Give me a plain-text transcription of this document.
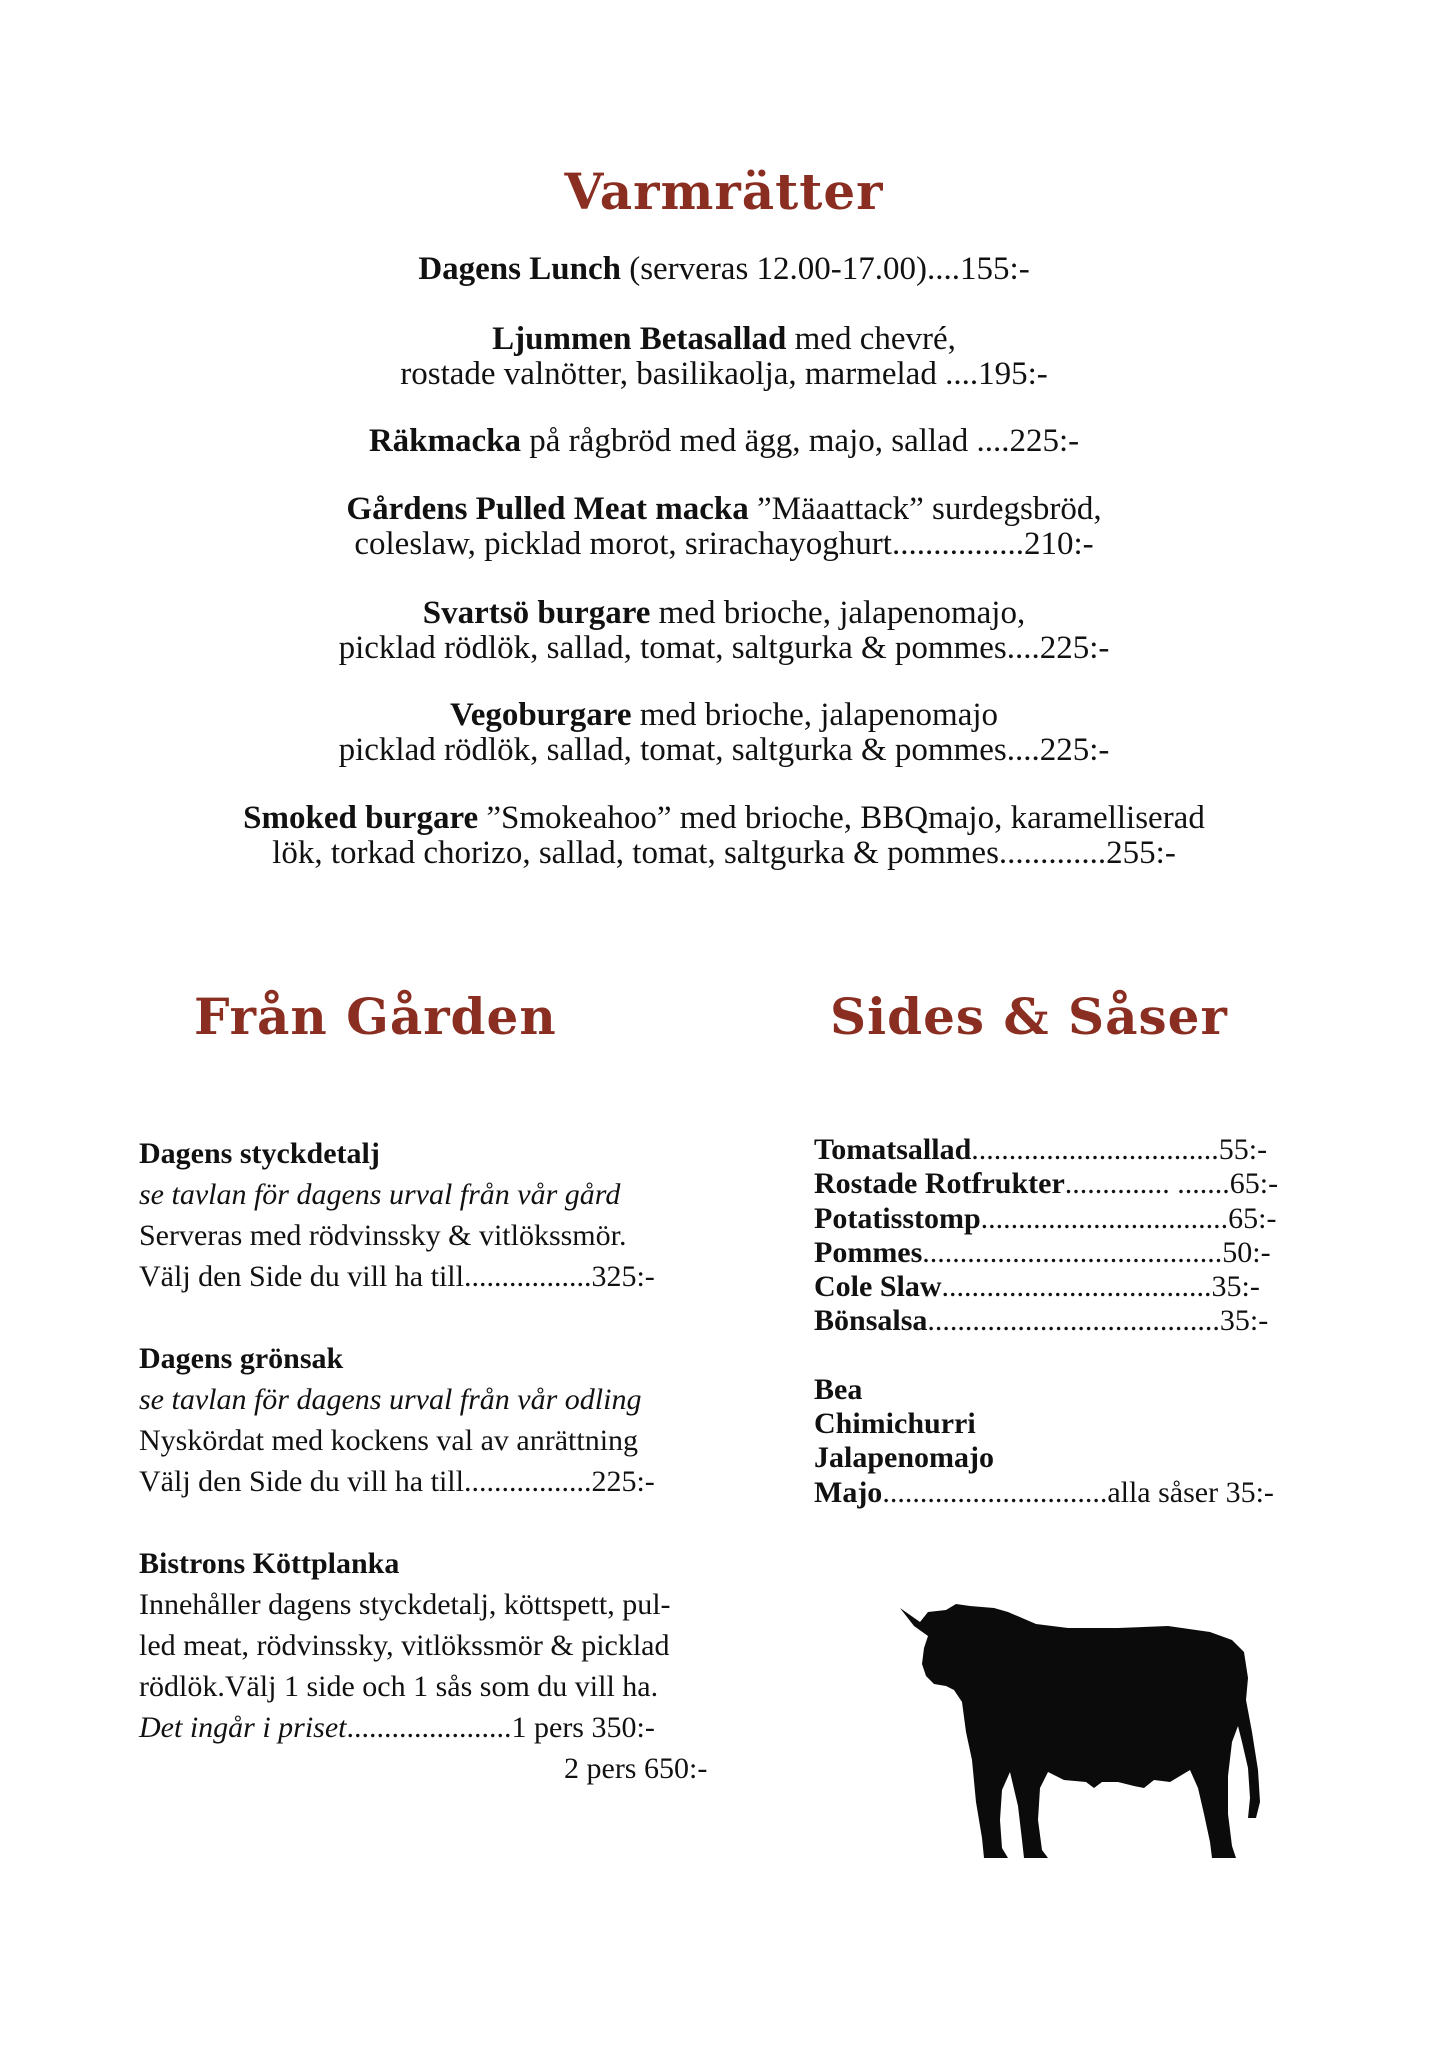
Varmrätter

Dagens Lunch (serveras 12.00-17.00)....155:-

Ljummen Betasallad med chevré,

rostade valnötter, basilikaolja, marmelad ....195:-

Räkmacka på rågbröd med ägg, majo, sallad ....225:-

Gårdens Pulled Meat macka ”Mäaattack” surdegsbröd,

coleslaw, picklad morot, srirachayoghurt................210:-

Svartsö burgare med brioche, jalapenomajo,

picklad rödlök, sallad, tomat, saltgurka & pommes....225:-

Vegoburgare med brioche, jalapenomajo

picklad rödlök, sallad, tomat, saltgurka & pommes....225:-

Smoked burgare ”Smokeahoo” med brioche, BBQmajo, karamelliserad

lök, torkad chorizo, sallad, tomat, saltgurka & pommes.............255:-

Från Gården	Sides & Såser

Dagens styckdetalj

se tavlan för dagens urval från vår gård

Serveras med rödvinssky & vitlökssmör.

Välj den Side du vill ha till.................325:-

Dagens grönsak

se tavlan för dagens urval från vår odling

Nyskördat med kockens val av anrättning

Välj den Side du vill ha till.................225:-

Bistrons Köttplanka

Innehåller dagens styckdetalj, köttspett, pul-

led meat, rödvinssky, vitlökssmör & picklad

rödlök.Välj 1 side och 1 sås som du vill ha.

Det ingår i priset......................1 pers 350:-

2 pers 650:-

Tomatsallad.................................55:-

Rostade Rotfrukter.............. .......65:-

Potatisstomp.................................65:-

Pommes........................................50:-

Cole Slaw....................................35:-

Bönsalsa.......................................35:-

Bea

Chimichurri

Jalapenomajo

Majo..............................alla såser 35:-
